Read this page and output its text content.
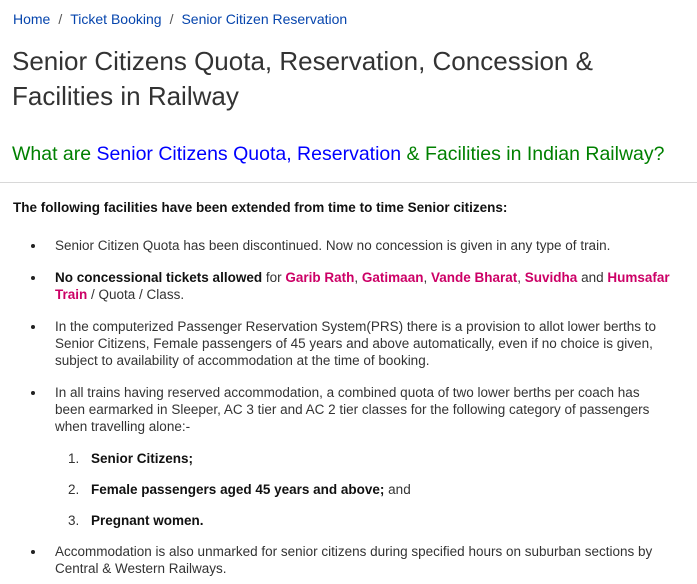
Home / Ticket Booking / Senior Citizen Reservation
Senior Citizens Quota, Reservation, Concession & Facilities in Railway
What are Senior Citizens Quota, Reservation & Facilities in Indian Railway?

The following facilities have been extended from time to time Senior citizens:

Senior Citizen Quota has been discontinued. Now no concession is given in any type of train.
No concessional tickets allowed for Garib Rath, Gatimaan, Vande Bharat, Suvidha and Humsafar Train / Quota / Class.
In the computerized Passenger Reservation System(PRS) there is a provision to allot lower berths to Senior Citizens, Female passengers of 45 years and above automatically, even if no choice is given, subject to availability of accommodation at the time of booking.
In all trains having reserved accommodation, a combined quota of two lower berths per coach has been earmarked in Sleeper, AC 3 tier and AC 2 tier classes for the following category of passengers when travelling alone:-
1. Senior Citizens;
2. Female passengers aged 45 years and above; and
3. Pregnant women.
Accommodation is also unmarked for senior citizens during specified hours on suburban sections by Central & Western Railways.
